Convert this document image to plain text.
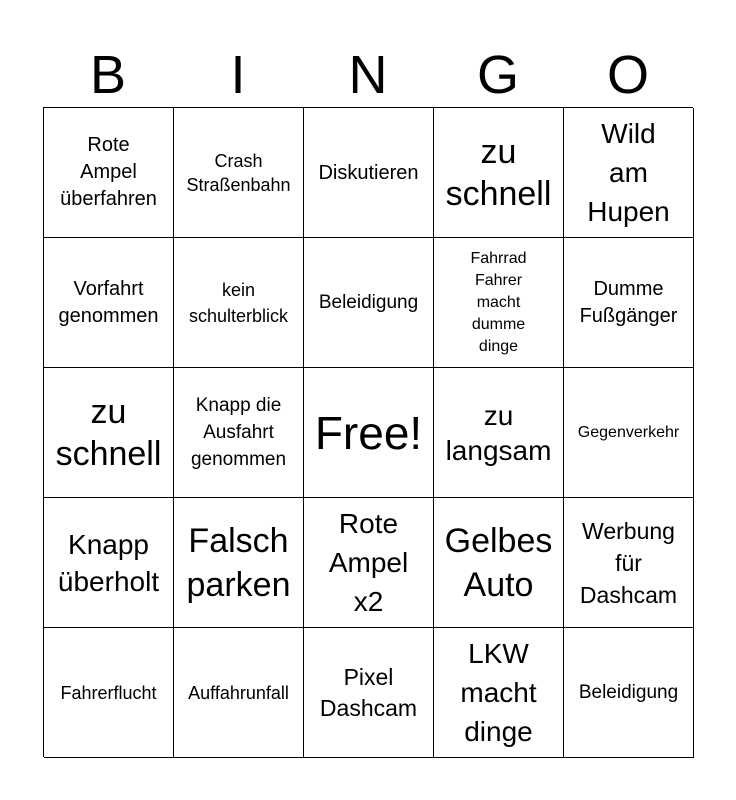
B	I	N	G	O
Rote
Ampel
überfahren
Crash
Straßenbahn
Diskutieren
zu
schnell
Wild
am
Hupen
Vorfahrt
genommen
kein
schulterblick
Beleidigung
Fahrrad
Fahrer
macht
dumme
dinge
Dumme
Fußgänger
zu
schnell
Knapp die
Ausfahrt
genommen
Free!	zu
langsam
Gegenverkehr
Knapp
überholt
Falsch
parken
Rote
Ampel
x2
Gelbes
Auto
Werbung
für
Dashcam
Fahrerflucht Auffahrunfall
Pixel
Dashcam
LKW
macht
dinge
Beleidigung
